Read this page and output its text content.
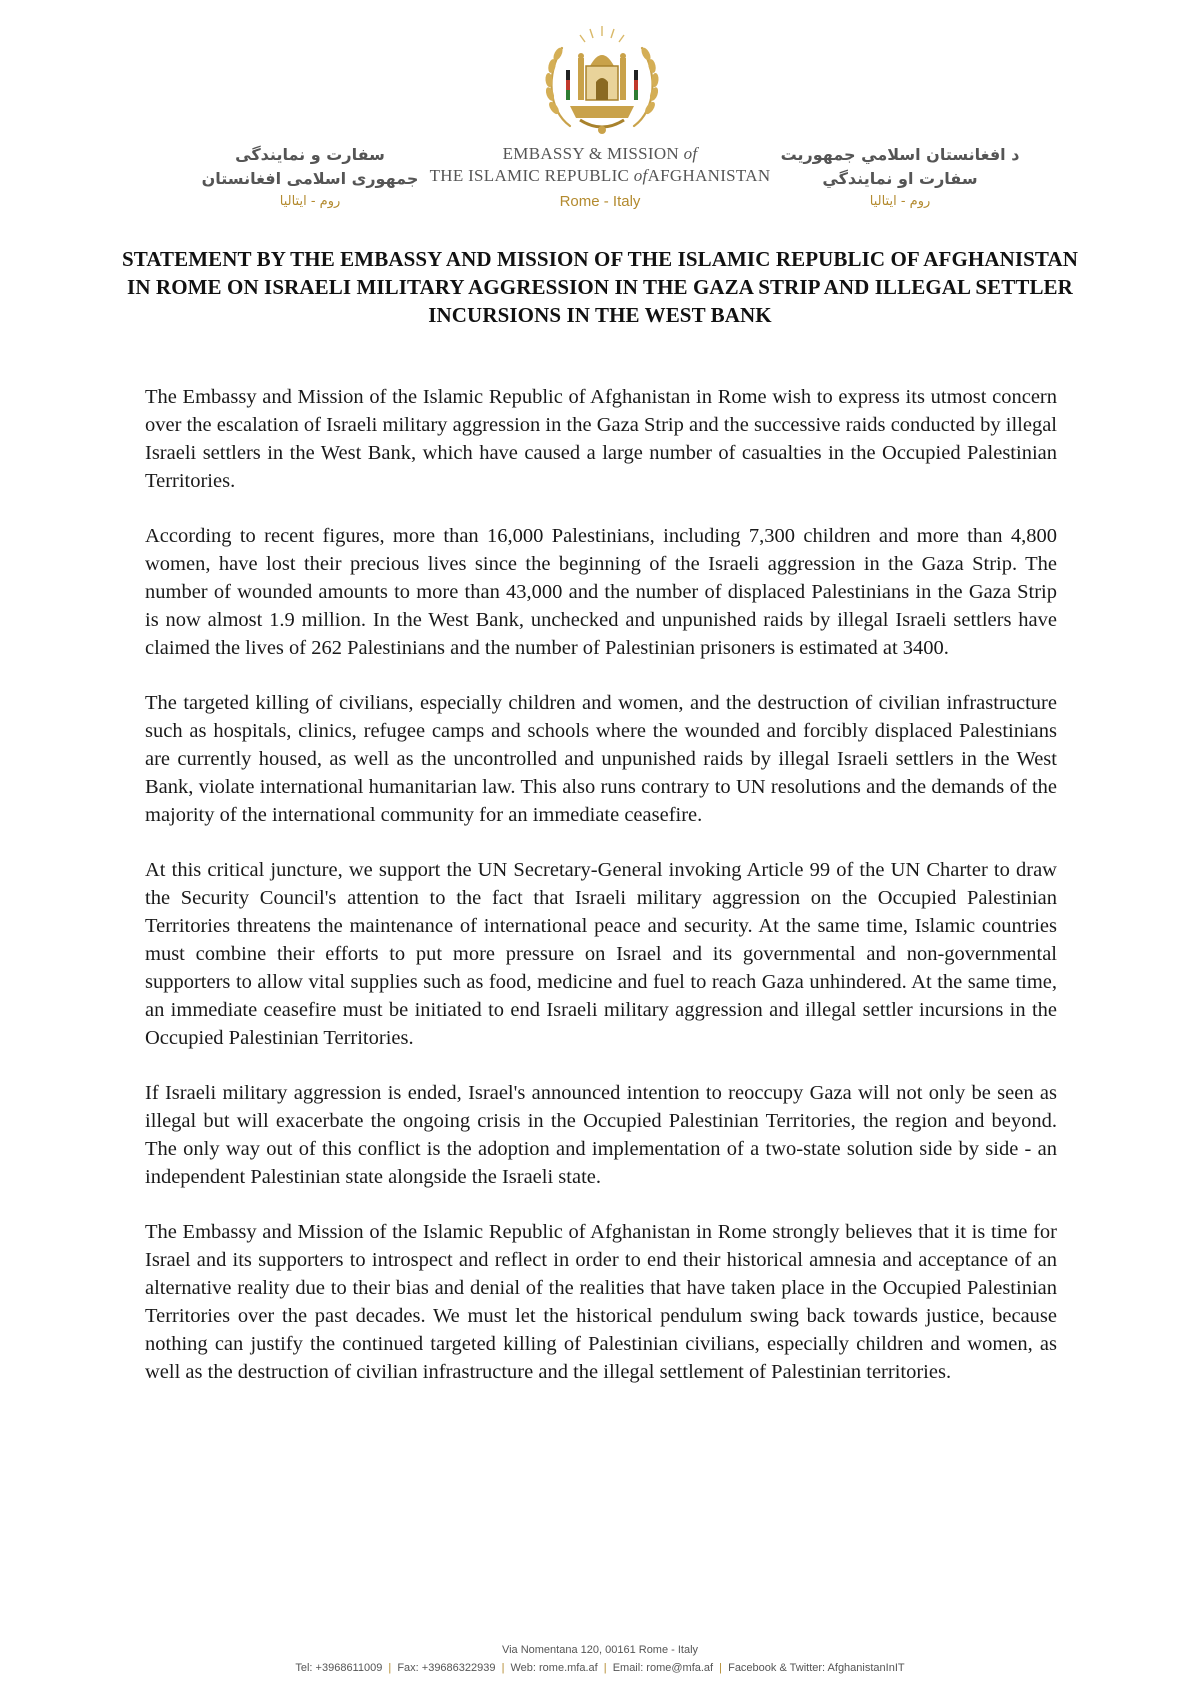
سفارت و نمایندگی
جمهوری اسلامی افغانستان
روم - ایتالیا
EMBASSY & MISSION of
THE ISLAMIC REPUBLIC ofAFGHANISTAN
Rome - Italy
د افغانستان اسلامي جمهوريت
سفارت او نمايندگي
روم - ایتالیا
STATEMENT BY THE EMBASSY AND MISSION OF THE ISLAMIC REPUBLIC OF AFGHANISTAN IN ROME ON ISRAELI MILITARY AGGRESSION IN THE GAZA STRIP AND ILLEGAL SETTLER INCURSIONS IN THE WEST BANK

The Embassy and Mission of the Islamic Republic of Afghanistan in Rome wish to express its utmost concern over the escalation of Israeli military aggression in the Gaza Strip and the successive raids conducted by illegal Israeli settlers in the West Bank, which have caused a large number of casualties in the Occupied Palestinian Territories.

According to recent figures, more than 16,000 Palestinians, including 7,300 children and more than 4,800 women, have lost their precious lives since the beginning of the Israeli aggression in the Gaza Strip. The number of wounded amounts to more than 43,000 and the number of displaced Palestinians in the Gaza Strip is now almost 1.9 million. In the West Bank, unchecked and unpunished raids by illegal Israeli settlers have claimed the lives of 262 Palestinians and the number of Palestinian prisoners is estimated at 3400.

The targeted killing of civilians, especially children and women, and the destruction of civilian infrastructure such as hospitals, clinics, refugee camps and schools where the wounded and forcibly displaced Palestinians are currently housed, as well as the uncontrolled and unpunished raids by illegal Israeli settlers in the West Bank, violate international humanitarian law. This also runs contrary to UN resolutions and the demands of the majority of the international community for an immediate ceasefire.

At this critical juncture, we support the UN Secretary-General invoking Article 99 of the UN Charter to draw the Security Council's attention to the fact that Israeli military aggression on the Occupied Palestinian Territories threatens the maintenance of international peace and security. At the same time, Islamic countries must combine their efforts to put more pressure on Israel and its governmental and non-governmental supporters to allow vital supplies such as food, medicine and fuel to reach Gaza unhindered. At the same time, an immediate ceasefire must be initiated to end Israeli military aggression and illegal settler incursions in the Occupied Palestinian Territories.

If Israeli military aggression is ended, Israel's announced intention to reoccupy Gaza will not only be seen as illegal but will exacerbate the ongoing crisis in the Occupied Palestinian Territories, the region and beyond. The only way out of this conflict is the adoption and implementation of a two-state solution side by side - an independent Palestinian state alongside the Israeli state.

The Embassy and Mission of the Islamic Republic of Afghanistan in Rome strongly believes that it is time for Israel and its supporters to introspect and reflect in order to end their historical amnesia and acceptance of an alternative reality due to their bias and denial of the realities that have taken place in the Occupied Palestinian Territories over the past decades. We must let the historical pendulum swing back towards justice, because nothing can justify the continued targeted killing of Palestinian civilians, especially children and women, as well as the destruction of civilian infrastructure and the illegal settlement of Palestinian territories.

Via Nomentana 120, 00161 Rome - Italy
Tel: +3968611009 | Fax: +39686322939 | Web: rome.mfa.af | Email: rome@mfa.af | Facebook & Twitter: AfghanistanInIT
